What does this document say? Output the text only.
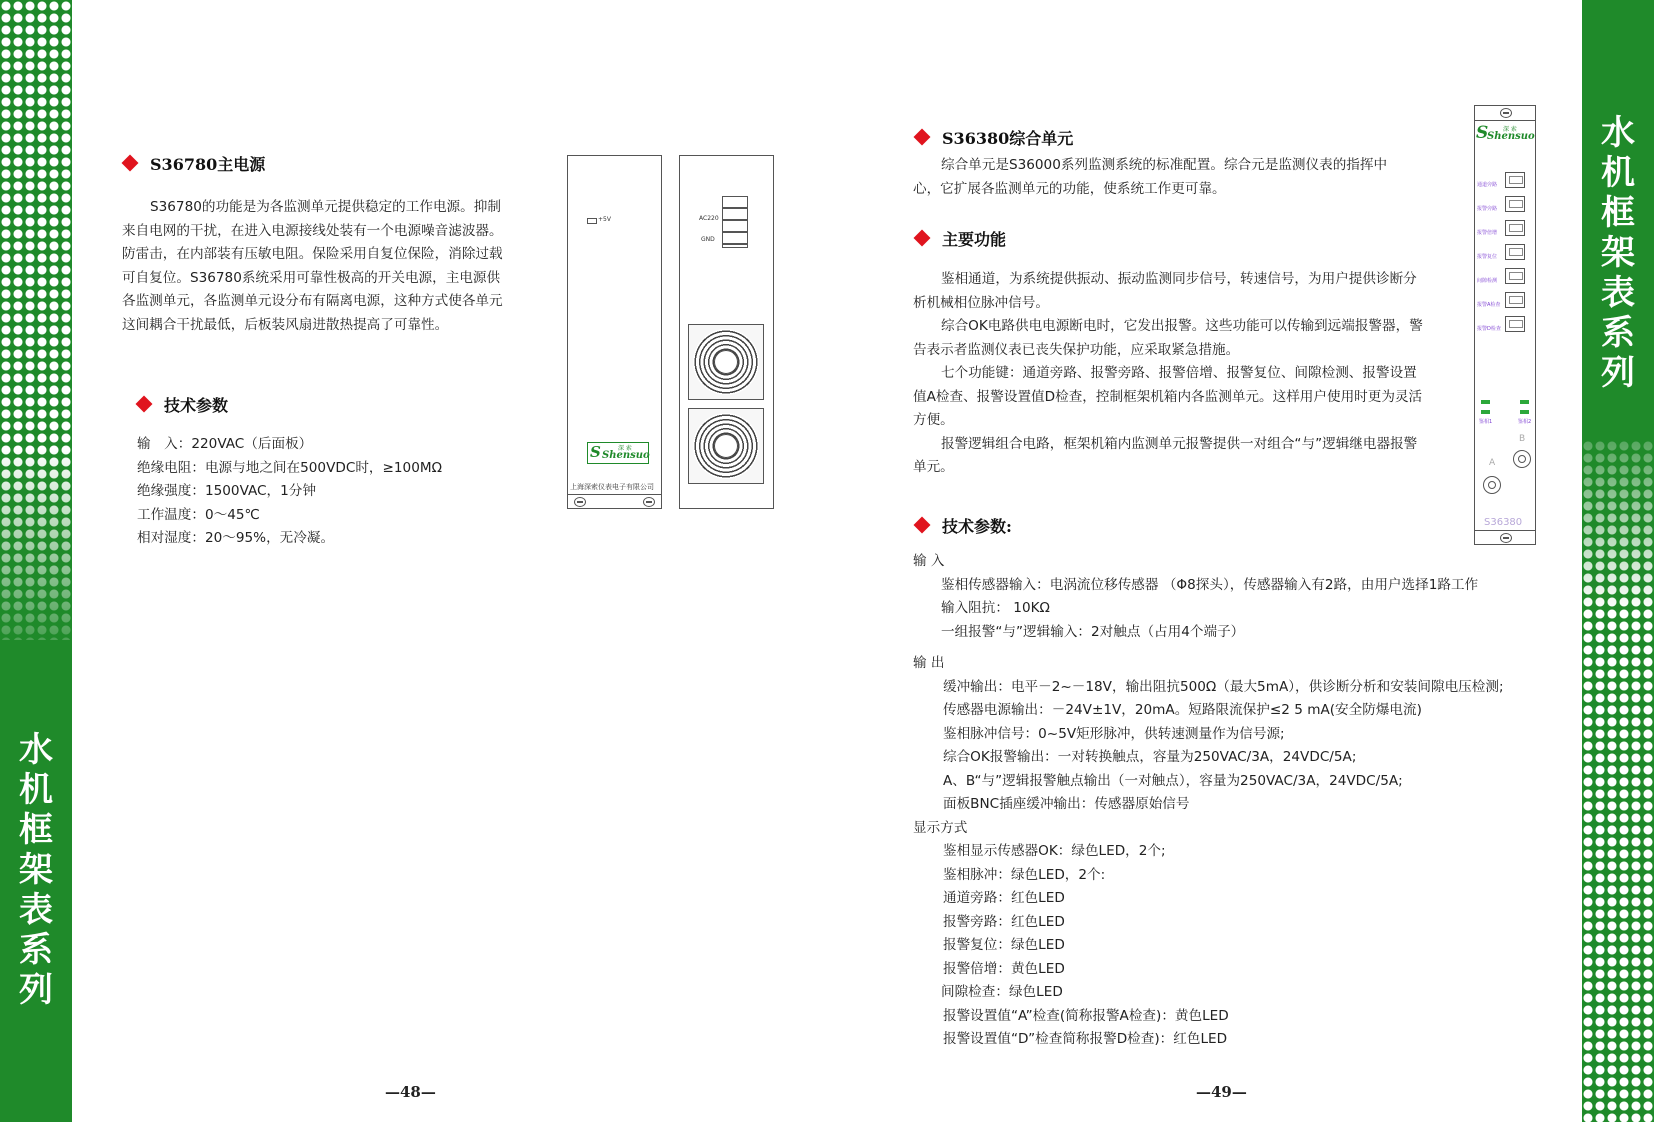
水
机
框
架
表
系
列
水
机
框
架
表
系
列
S36780主电源
S36780的功能是为各监测单元提供稳定的工作电源。抑制来自电网的干扰，在进入电源接线处装有一个电源噪音滤波器。防雷击，在内部装有压敏电阻。保险采用自复位保险，消除过载可自复位。S36780系统采用可靠性极高的开关电源，主电源供各监测单元，各监测单元设分布有隔离电源，这种方式使各单元这间耦合干扰最低，后板装风扇进散热提高了可靠性。
技术参数
输　入：220VAC（后面板）
绝缘电阻：电源与地之间在500VDC时，≥100MΩ
绝缘强度：1500VAC，1分钟
工作温度：0～45℃
相对湿度：20～95%，无冷凝。
+5V
S Shensuo
深 索
上海深索仪表电子有限公司
AC220
GND
—48—
S36380综合单元
综合单元是S36000系列监测系统的标准配置。综合元是监测仪表的指挥中心，它扩展各监测单元的功能，使系统工作更可靠。
主要功能

鉴相通道，为系统提供振动、振动监测同步信号，转速信号，为用户提供诊断分析机械相位脉冲信号。

综合OK电路供电电源断电时，它发出报警。这些功能可以传输到远端报警器，警告表示者监测仪表已丧失保护功能，应采取紧急措施。

七个功能键：通道旁路、报警旁路、报警倍增、报警复位、间隙检测、报警设置值A检查、报警设置值D检查，控制框架机箱内各监测单元。这样用户使用时更为灵活方便。

报警逻辑组合电路，框架机箱内监测单元报警提供一对组合“与”逻辑继电器报警单元。

技术参数:
输 入
鉴相传感器输入：电涡流位移传感器 （Φ8探头），传感器输入有2路，由用户选择1路工作
输入阻抗： 10KΩ
一组报警“与”逻辑输入：2对触点（占用4个端子）
输 出
缓冲输出：电平－2~－18V，输出阻抗500Ω（最大5mA），供诊断分析和安装间隙电压检测;
传感器电源输出：－24V±1V，20mA。短路限流保护≤2 5 mA(安全防爆电流)
鉴相脉冲信号：0~5V矩形脉冲，供转速测量作为信号源;
综合OK报警输出：一对转换触点，容量为250VAC/3A，24VDC/5A;
A、B“与”逻辑报警触点输出（一对触点），容量为250VAC/3A，24VDC/5A;
面板BNC插座缓冲输出：传感器原始信号
显示方式
鉴相显示传感器OK：绿色LED，2个;
鉴相脉冲：绿色LED，2个:
通道旁路：红色LED
报警旁路：红色LED
报警复位：绿色LED
报警倍增：黄色LED
间隙检查：绿色LED
报警设置值“A”检查(简称报警A检查)：黄色LED
报警设置值“D”检查简称报警D检查)：红色LED
S
Shensuo
深 索
通道旁路
报警旁路
报警倍增
报警复位
间隙检测
报警A检查
报警D检查
鉴相1	鉴相2
B
A
S36380
—49—
